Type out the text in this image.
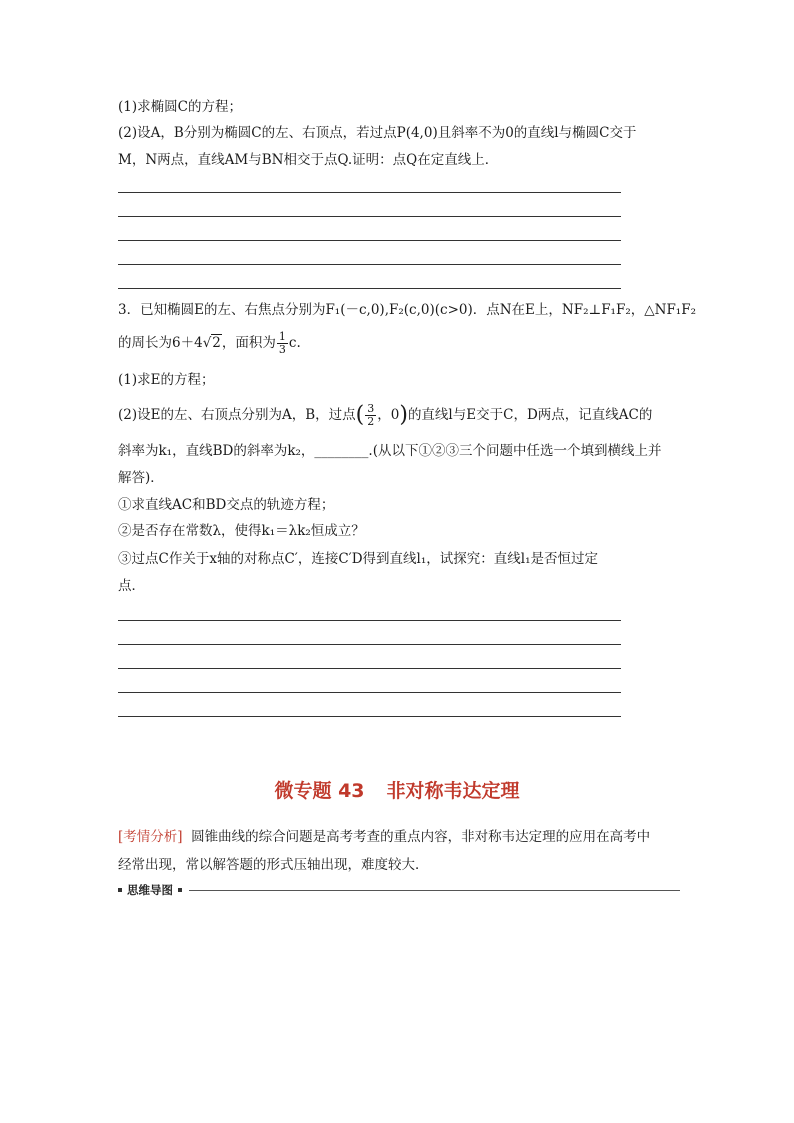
(1)求椭圆C的方程；
(2)设A，B分别为椭圆C的左、右顶点，若过点P(4,0)且斜率不为0的直线l与椭圆C交于
M，N两点，直线AM与BN相交于点Q.证明：点Q在定直线上．
3．已知椭圆E的左、右焦点分别为F₁(－c,0),F₂(c,0)(c>0)．点N在E上，NF₂⊥F₁F₂，△NF₁F₂
的周长为6＋4√2，面积为 $\frac{1}{3} c$.
(1)求E的方程；
(2)设E的左、右顶点分别为A，B，过点( $\frac{3}{2}$ ，0)的直线l与E交于C，D两点，记直线AC的
斜率为k₁，直线BD的斜率为k₂，________.(从以下①②③三个问题中任选一个填到横线上并
解答)．
①求直线AC和BD交点的轨迹方程；
②是否存在常数λ，使得k₁＝λk₂恒成立？
③过点C作关于x轴的对称点C′，连接C′D得到直线l₁，试探究：直线l₁是否恒过定
点．
微专题 43 非对称韦达定理
[考情分析] 圆锥曲线的综合问题是高考考查的重点内容，非对称韦达定理的应用在高考中
经常出现，常以解答题的形式压轴出现，难度较大．
思维导图
